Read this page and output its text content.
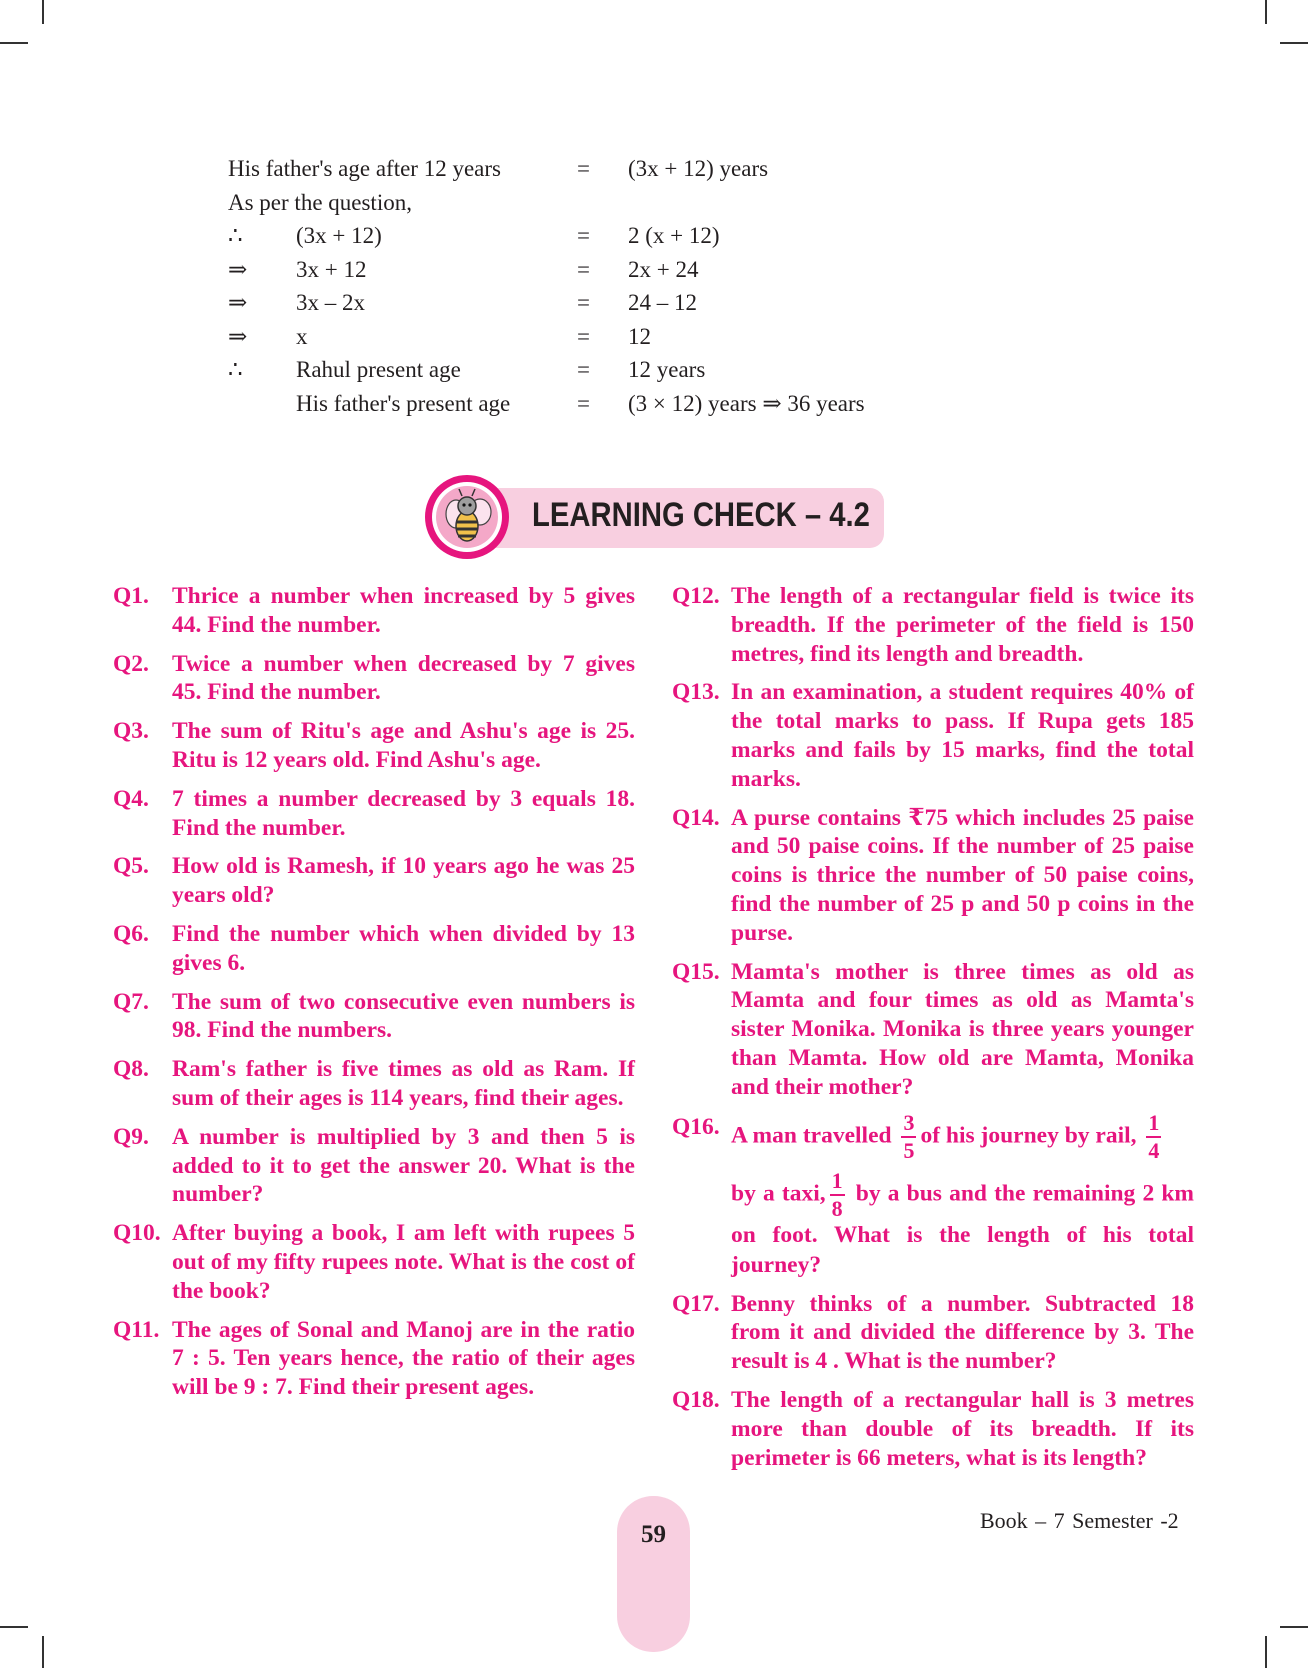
His father's age after 12 years	= (3x + 12) years
As per the question,
∴ (3x + 12)	= 2 (x + 12)
⇒ 3x + 12	= 2x + 24
⇒ 3x – 2x	= 24 – 12
⇒ x	= 12
∴ Rahul present age	= 12 years
His father's present age	= (3 × 12) years ⇒ 36 years
LEARNING CHECK – 4.2
Q1. Thrice a number when increased by 5 gives 44. Find the number.
Q2. Twice a number when decreased by 7 gives 45. Find the number.
Q3. The sum of Ritu's age and Ashu's age is 25. Ritu is 12 years old. Find Ashu's age.
Q4. 7 times a number decreased by 3 equals 18. Find the number.
Q5. How old is Ramesh, if 10 years ago he was 25 years old?
Q6. Find the number which when divided by 13 gives 6.
Q7. The sum of two consecutive even numbers is 98. Find the numbers.
Q8. Ram's father is five times as old as Ram. If sum of their ages is 114 years, find their ages.
Q9. A number is multiplied by 3 and then 5 is added to it to get the answer 20. What is the number?
Q10. After buying a book, I am left with rupees 5 out of my fifty rupees note. What is the cost of the book?
Q11. The ages of Sonal and Manoj are in the ratio 7 : 5. Ten years hence, the ratio of their ages will be 9 : 7. Find their present ages.
Q12. The length of a rectangular field is twice its breadth. If the perimeter of the field is 150 metres, find its length and breadth.
Q13. In an examination, a student requires 40% of the total marks to pass. If Rupa gets 185 marks and fails by 15 marks, find the total marks.
Q14. A purse contains ₹75 which includes 25 paise and 50 paise coins. If the number of 25 paise coins is thrice the number of 50 paise coins, find the number of 25 p and 50 p coins in the purse.
Q15. Mamta's mother is three times as old as Mamta and four times as old as Mamta's sister Monika. Monika is three years younger than Mamta. How old are Mamta, Monika and their mother?
Q16. A man travelled $\frac{3}{5}$ of his journey by rail, $\frac{1}{4}$
by a taxi, $\frac{1}{8}$ by a bus and the remaining 2 km on foot. What is the length of his total journey?
Q17. Benny thinks of a number. Subtracted 18 from it and divided the difference by 3. The result is 4 . What is the number?
Q18. The length of a rectangular hall is 3 metres more than double of its breadth. If its perimeter is 66 meters, what is its length?
59
Book – 7 Semester -2
